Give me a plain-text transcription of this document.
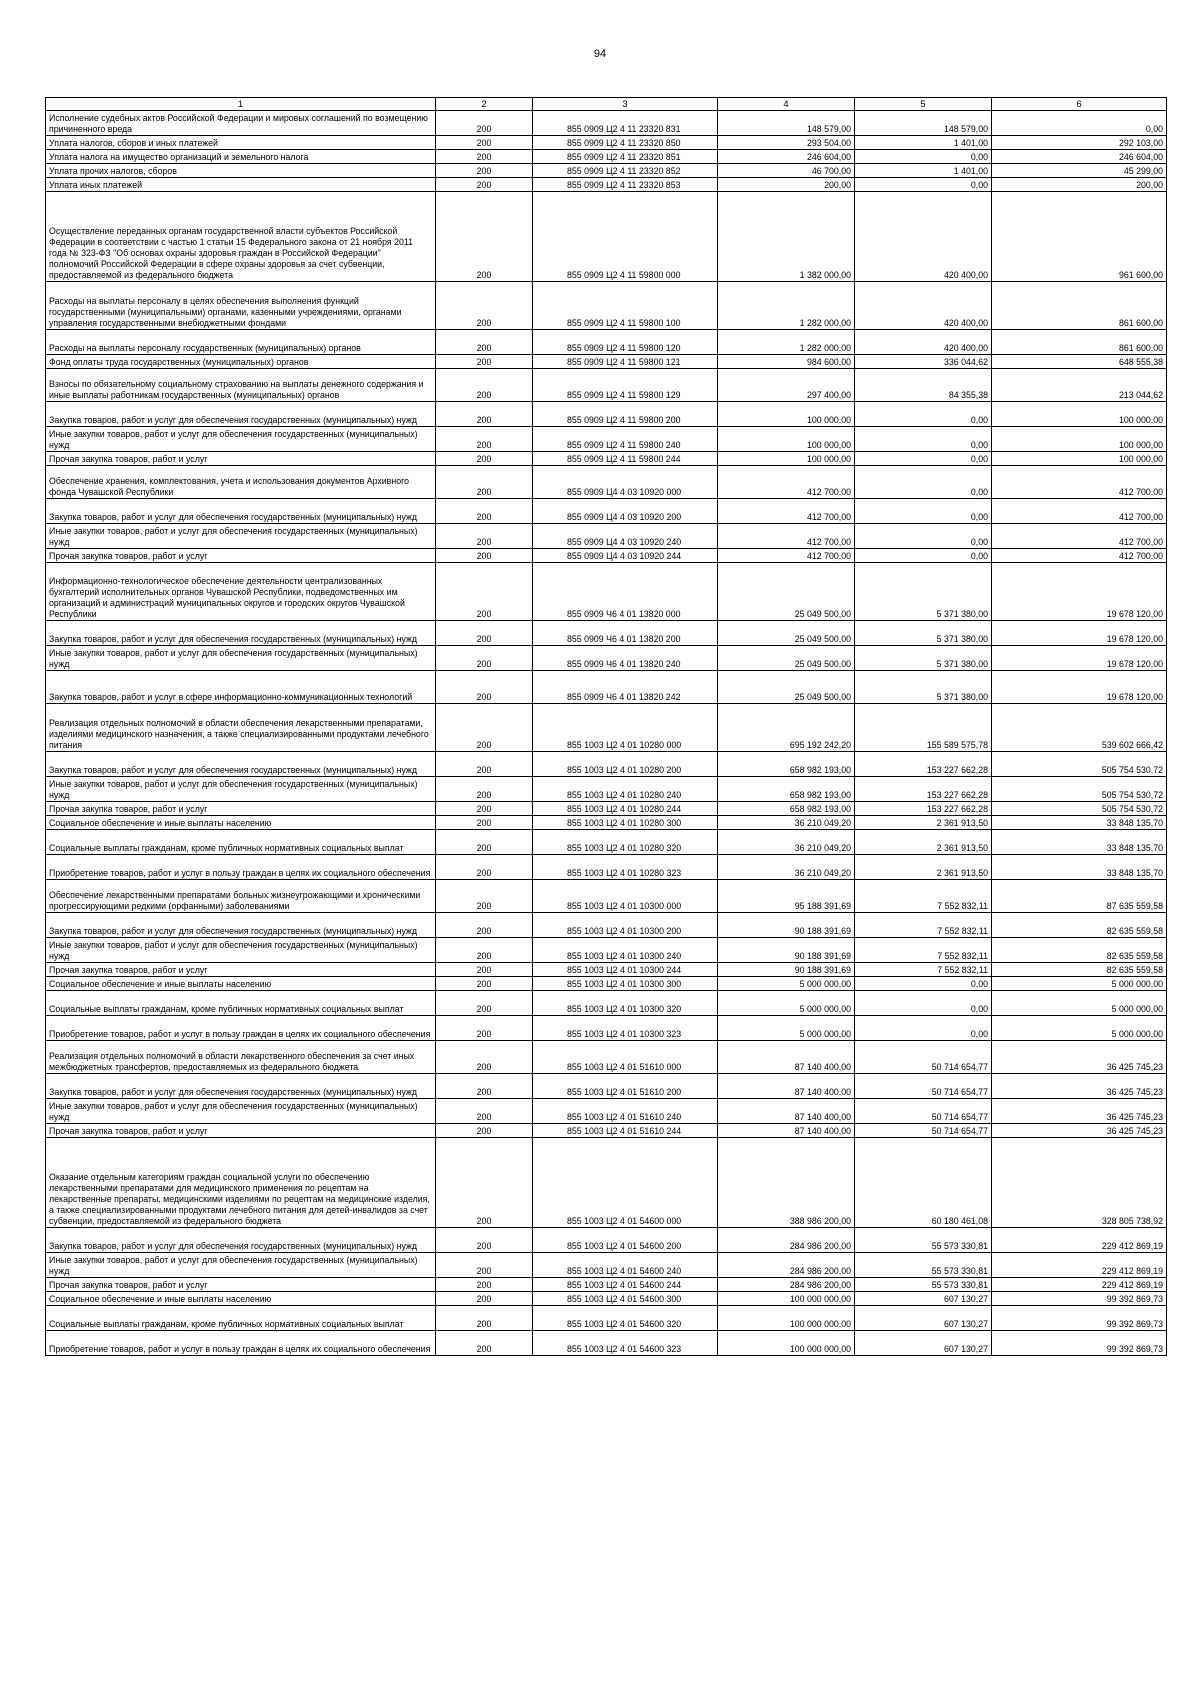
94
1	2	3	4	5	6
Исполнение судебных актов Российской Федерации и мировых соглашений по возмещению причиненного вреда	200	855 0909 Ц2 4 11 23320 831	148 579,00	148 579,00	0,00
Уплата налогов, сборов и иных платежей	200	855 0909 Ц2 4 11 23320 850	293 504,00	1 401,00	292 103,00
Уплата налога на имущество организаций и земельного налога	200	855 0909 Ц2 4 11 23320 851	246 604,00	0,00	246 604,00
Уплата прочих налогов, сборов	200	855 0909 Ц2 4 11 23320 852	46 700,00	1 401,00	45 299,00
Уплата иных платежей	200	855 0909 Ц2 4 11 23320 853	200,00	0,00	200,00
Осуществление переданных органам государственной власти субъектов Российской Федерации в соответствии с частью 1 статьи 15 Федерального закона от 21 ноября 2011 года № 323-ФЗ "Об основах охраны здоровья граждан в Российской Федерации" полномочий Российской Федерации в сфере охраны здоровья за счет субвенции, предоставляемой из федерального бюджета	200	855 0909 Ц2 4 11 59800 000	1 382 000,00	420 400,00	961 600,00
Расходы на выплаты персоналу в целях обеспечения выполнения функций государственными (муниципальными) органами, казенными учреждениями, органами управления государственными внебюджетными фондами	200	855 0909 Ц2 4 11 59800 100	1 282 000,00	420 400,00	861 600,00
Расходы на выплаты персоналу государственных (муниципальных) органов	200	855 0909 Ц2 4 11 59800 120	1 282 000,00	420 400,00	861 600,00
Фонд оплаты труда государственных (муниципальных) органов	200	855 0909 Ц2 4 11 59800 121	984 600,00	336 044,62	648 555,38
Взносы по обязательному социальному страхованию на выплаты денежного содержания и иные выплаты работникам государственных (муниципальных) органов	200	855 0909 Ц2 4 11 59800 129	297 400,00	84 355,38	213 044,62
Закупка товаров, работ и услуг для обеспечения государственных (муниципальных) нужд	200	855 0909 Ц2 4 11 59800 200	100 000,00	0,00	100 000,00
Иные закупки товаров, работ и услуг для обеспечения государственных (муниципальных) нужд	200	855 0909 Ц2 4 11 59800 240	100 000,00	0,00	100 000,00
Прочая закупка товаров, работ и услуг	200	855 0909 Ц2 4 11 59800 244	100 000,00	0,00	100 000,00
Обеспечение хранения, комплектования, учета и использования документов Архивного фонда Чувашской Республики	200	855 0909 Ц4 4 03 10920 000	412 700,00	0,00	412 700,00
Закупка товаров, работ и услуг для обеспечения государственных (муниципальных) нужд	200	855 0909 Ц4 4 03 10920 200	412 700,00	0,00	412 700,00
Иные закупки товаров, работ и услуг для обеспечения государственных (муниципальных) нужд	200	855 0909 Ц4 4 03 10920 240	412 700,00	0,00	412 700,00
Прочая закупка товаров, работ и услуг	200	855 0909 Ц4 4 03 10920 244	412 700,00	0,00	412 700,00
Информационно-технологическое обеспечение деятельности централизованных бухгалтерий исполнительных органов Чувашской Республики, подведомственных им организаций и администраций муниципальных округов и городских округов Чувашской Республики	200	855 0909 Ч6 4 01 13820 000	25 049 500,00	5 371 380,00	19 678 120,00
Закупка товаров, работ и услуг для обеспечения государственных (муниципальных) нужд	200	855 0909 Ч6 4 01 13820 200	25 049 500,00	5 371 380,00	19 678 120,00
Иные закупки товаров, работ и услуг для обеспечения государственных (муниципальных) нужд	200	855 0909 Ч6 4 01 13820 240	25 049 500,00	5 371 380,00	19 678 120,00
Закупка товаров, работ и услуг в сфере информационно-коммуникационных технологий	200	855 0909 Ч6 4 01 13820 242	25 049 500,00	5 371 380,00	19 678 120,00
Реализация отдельных полномочий в области обеспечения лекарственными препаратами, изделиями медицинского назначения, а также специализированными продуктами лечебного питания	200	855 1003 Ц2 4 01 10280 000	695 192 242,20	155 589 575,78	539 602 666,42
Закупка товаров, работ и услуг для обеспечения государственных (муниципальных) нужд	200	855 1003 Ц2 4 01 10280 200	658 982 193,00	153 227 662,28	505 754 530,72
Иные закупки товаров, работ и услуг для обеспечения государственных (муниципальных) нужд	200	855 1003 Ц2 4 01 10280 240	658 982 193,00	153 227 662,28	505 754 530,72
Прочая закупка товаров, работ и услуг	200	855 1003 Ц2 4 01 10280 244	658 982 193,00	153 227 662,28	505 754 530,72
Социальное обеспечение и иные выплаты населению	200	855 1003 Ц2 4 01 10280 300	36 210 049,20	2 361 913,50	33 848 135,70
Социальные выплаты гражданам, кроме публичных нормативных социальных выплат	200	855 1003 Ц2 4 01 10280 320	36 210 049,20	2 361 913,50	33 848 135,70
Приобретение товаров, работ и услуг в пользу граждан в целях их социального обеспечения	200	855 1003 Ц2 4 01 10280 323	36 210 049,20	2 361 913,50	33 848 135,70
Обеспечение лекарственными препаратами больных жизнеугрожающими и хроническими прогрессирующими редкими (орфанными) заболеваниями	200	855 1003 Ц2 4 01 10300 000	95 188 391,69	7 552 832,11	87 635 559,58
Закупка товаров, работ и услуг для обеспечения государственных (муниципальных) нужд	200	855 1003 Ц2 4 01 10300 200	90 188 391,69	7 552 832,11	82 635 559,58
Иные закупки товаров, работ и услуг для обеспечения государственных (муниципальных) нужд	200	855 1003 Ц2 4 01 10300 240	90 188 391,69	7 552 832,11	82 635 559,58
Прочая закупка товаров, работ и услуг	200	855 1003 Ц2 4 01 10300 244	90 188 391,69	7 552 832,11	82 635 559,58
Социальное обеспечение и иные выплаты населению	200	855 1003 Ц2 4 01 10300 300	5 000 000,00	0,00	5 000 000,00
Социальные выплаты гражданам, кроме публичных нормативных социальных выплат	200	855 1003 Ц2 4 01 10300 320	5 000 000,00	0,00	5 000 000,00
Приобретение товаров, работ и услуг в пользу граждан в целях их социального обеспечения	200	855 1003 Ц2 4 01 10300 323	5 000 000,00	0,00	5 000 000,00
Реализация отдельных полномочий в области лекарственного обеспечения за счет иных межбюджетных трансфертов, предоставляемых из федерального бюджета	200	855 1003 Ц2 4 01 51610 000	87 140 400,00	50 714 654,77	36 425 745,23
Закупка товаров, работ и услуг для обеспечения государственных (муниципальных) нужд	200	855 1003 Ц2 4 01 51610 200	87 140 400,00	50 714 654,77	36 425 745,23
Иные закупки товаров, работ и услуг для обеспечения государственных (муниципальных) нужд	200	855 1003 Ц2 4 01 51610 240	87 140 400,00	50 714 654,77	36 425 745,23
Прочая закупка товаров, работ и услуг	200	855 1003 Ц2 4 01 51610 244	87 140 400,00	50 714 654,77	36 425 745,23
Оказание отдельным категориям граждан социальной услуги по обеспечению лекарственными препаратами для медицинского применения по рецептам на лекарственные препараты, медицинскими изделиями по рецептам на медицинские изделия, а также специализированными продуктами лечебного питания для детей-инвалидов за счет субвенции, предоставляемой из федерального бюджета	200	855 1003 Ц2 4 01 54600 000	388 986 200,00	60 180 461,08	328 805 738,92
Закупка товаров, работ и услуг для обеспечения государственных (муниципальных) нужд	200	855 1003 Ц2 4 01 54600 200	284 986 200,00	55 573 330,81	229 412 869,19
Иные закупки товаров, работ и услуг для обеспечения государственных (муниципальных) нужд	200	855 1003 Ц2 4 01 54600 240	284 986 200,00	55 573 330,81	229 412 869,19
Прочая закупка товаров, работ и услуг	200	855 1003 Ц2 4 01 54600 244	284 986 200,00	55 573 330,81	229 412 869,19
Социальное обеспечение и иные выплаты населению	200	855 1003 Ц2 4 01 54600 300	100 000 000,00	607 130,27	99 392 869,73
Социальные выплаты гражданам, кроме публичных нормативных социальных выплат	200	855 1003 Ц2 4 01 54600 320	100 000 000,00	607 130,27	99 392 869,73
Приобретение товаров, работ и услуг в пользу граждан в целях их социального обеспечения	200	855 1003 Ц2 4 01 54600 323	100 000 000,00	607 130,27	99 392 869,73
